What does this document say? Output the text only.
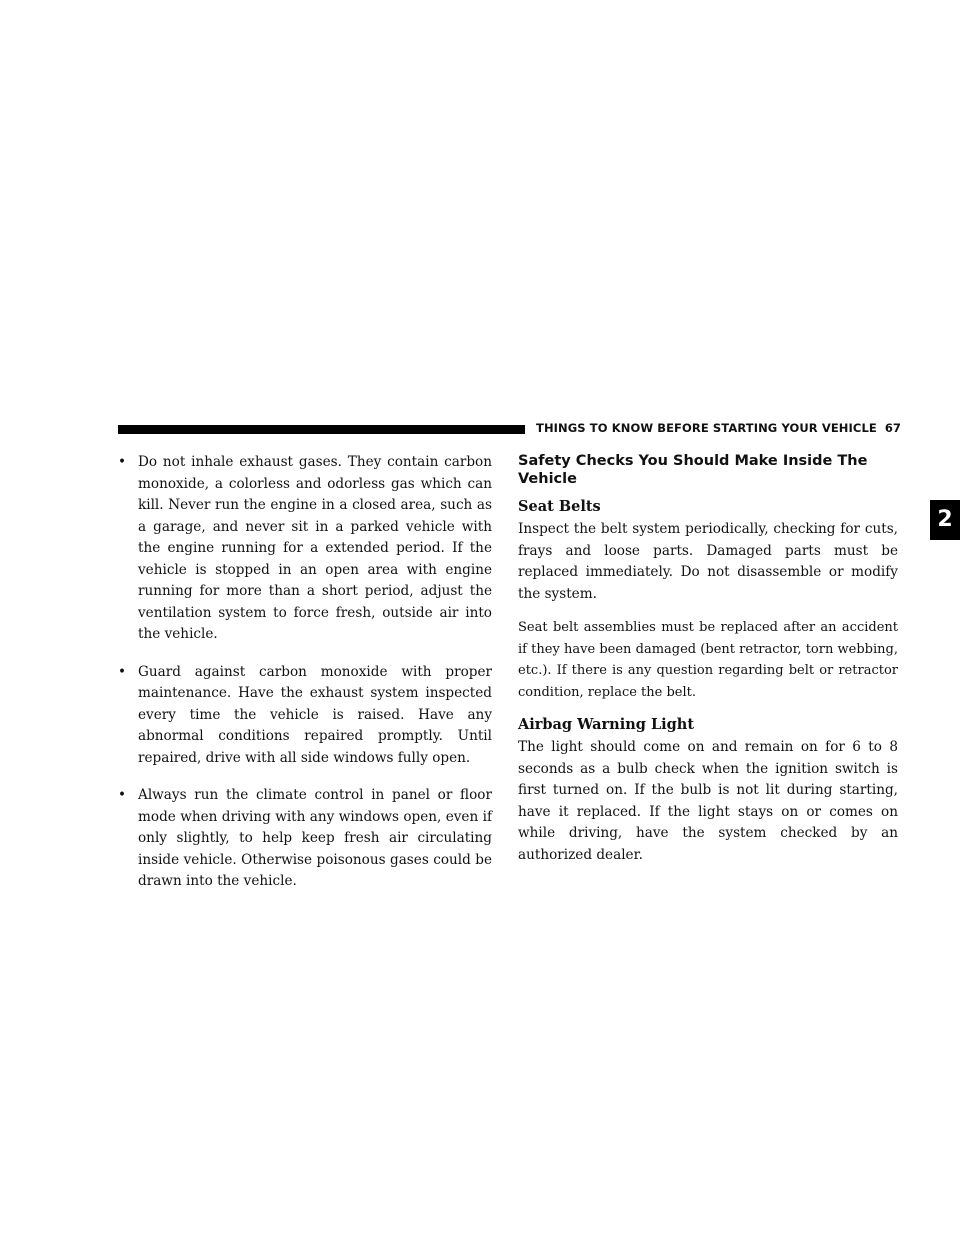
THINGS TO KNOW BEFORE STARTING YOUR VEHICLE 67
2
• Do not inhale exhaust gases. They contain carbon monoxide, a colorless and odorless gas which can kill. Never run the engine in a closed area, such as a garage, and never sit in a parked vehicle with the engine running for a extended period. If the vehicle is stopped in an open area with engine running for more than a short period, adjust the ventilation system to force fresh, outside air into the vehicle.
• Guard against carbon monoxide with proper maintenance. Have the exhaust system inspected every time the vehicle is raised. Have any abnormal conditions repaired promptly. Until repaired, drive with all side windows fully open.
• Always run the climate control in panel or floor mode when driving with any windows open, even if only slightly, to help keep fresh air circulating inside vehicle. Otherwise poisonous gases could be drawn into the vehicle.
Safety Checks You Should Make Inside The Vehicle
Seat Belts

Inspect the belt system periodically, checking for cuts, frays and loose parts. Damaged parts must be replaced immediately. Do not disassemble or modify the system.

Seat belt assemblies must be replaced after an accident if they have been damaged (bent retractor, torn webbing, etc.). If there is any question regarding belt or retractor condition, replace the belt.

Airbag Warning Light

The light should come on and remain on for 6 to 8 seconds as a bulb check when the ignition switch is first turned on. If the bulb is not lit during starting, have it replaced. If the light stays on or comes on while driving, have the system checked by an authorized dealer.
